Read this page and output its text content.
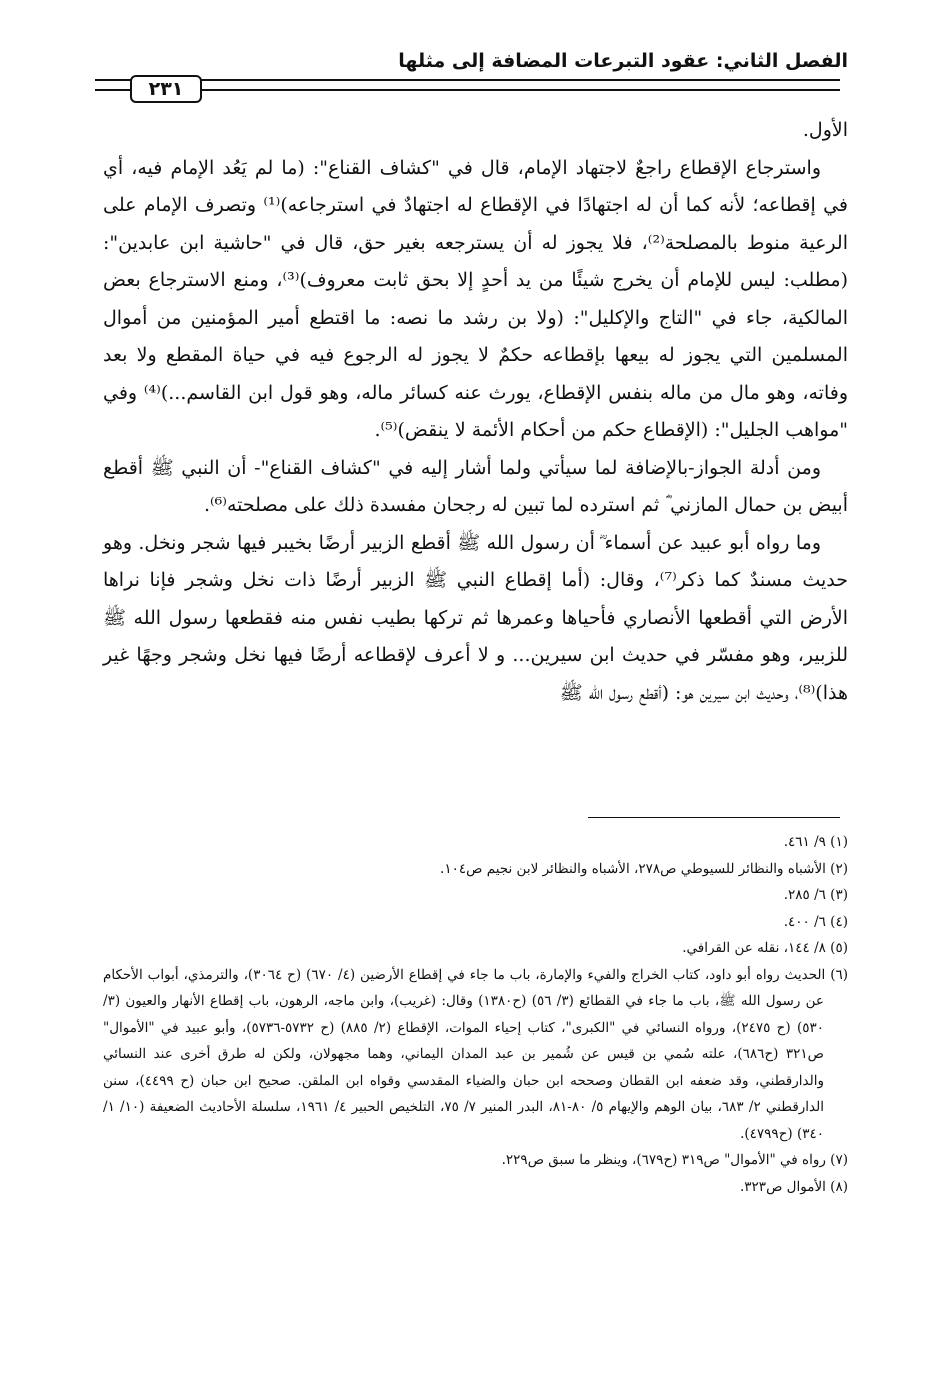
الفصل الثاني: عقود التبرعات المضافة إلى مثلها
٢٣١

الأول.

واسترجاع الإقطاع راجعٌ لاجتهاد الإمام، قال في "كشاف القناع": (ما لم يَعُد الإمام فيه، أي في إقطاعه؛ لأنه كما أن له اجتهادًا في الإقطاع له اجتهادٌ في استرجاعه)⁽¹⁾ وتصرف الإمام على الرعية منوط بالمصلحة⁽²⁾، فلا يجوز له أن يسترجعه بغير حق، قال في "حاشية ابن عابدين": (مطلب: ليس للإمام أن يخرج شيئًا من يد أحدٍ إلا بحق ثابت معروف)⁽³⁾، ومنع الاسترجاع بعض المالكية، جاء في "التاج والإكليل": (ولا بن رشد ما نصه: ما اقتطع أمير المؤمنين من أموال المسلمين التي يجوز له بيعها بإقطاعه حكمٌ لا يجوز له الرجوع فيه في حياة المقطع ولا بعد وفاته، وهو مال من ماله بنفس الإقطاع، يورث عنه كسائر ماله، وهو قول ابن القاسم...)⁽⁴⁾ وفي "مواهب الجليل": (الإقطاع حكم من أحكام الأئمة لا ينقض)⁽⁵⁾.

ومن أدلة الجواز-بالإضافة لما سيأتي ولما أشار إليه في "كشاف القناع"- أن النبي ﷺ أقطع أبيض بن حمال المازني ؓ ثم استرده لما تبين له رجحان مفسدة ذلك على مصلحته⁽⁶⁾.

وما رواه أبو عبيد عن أسماء ؓ أن رسول الله ﷺ أقطع الزبير أرضًا بخيبر فيها شجر ونخل. وهو حديث مسندٌ كما ذكر⁽⁷⁾، وقال: (أما إقطاع النبي ﷺ الزبير أرضًا ذات نخل وشجر فإنا نراها الأرض التي أقطعها الأنصاري فأحياها وعمرها ثم تركها بطيب نفس منه فقطعها رسول الله ﷺ للزبير، وهو مفسّر في حديث ابن سيرين... و لا أعرف لإقطاعه أرضًا فيها نخل وشجر وجهًا غير هذا)⁽⁸⁾، وحديث ابن سيرين هو: (أقطع رسول الله ﷺ

(١) ٩/ ٤٦١.

(٢) الأشباه والنظائر للسيوطي ص٢٧٨، الأشباه والنظائر لابن نجيم ص١٠٤.

(٣) ٦/ ٢٨٥.

(٤) ٦/ ٤٠٠.

(٥) ٨/ ١٤٤، نقله عن القرافي.

(٦) الحديث رواه أبو داود، كتاب الخراج والفيء والإمارة، باب ما جاء في إقطاع الأرضين (٤/ ٦٧٠) (ح ٣٠٦٤)، والترمذي، أبواب الأحكام عن رسول الله ﷺ، باب ما جاء في القطائع (٣/ ٥٦) (ح١٣٨٠) وقال: (غريب)، وابن ماجه، الرهون، باب إقطاع الأنهار والعيون (٣/ ٥٣٠) (ح ٢٤٧٥)، ورواه النسائي في "الكبرى"، كتاب إحياء الموات، الإقطاع (٢/ ٨٨٥) (ح ٥٧٣٢-٥٧٣٦)، وأبو عبيد في "الأموال" ص٣٢١ (ح٦٨٦)، علته سُمي بن قيس عن شُمير بن عبد المدان اليماني، وهما مجهولان، ولكن له طرق أخرى عند النسائي والدارقطني، وقد ضعفه ابن القطان وصححه ابن حبان والضياء المقدسي وقواه ابن الملقن. صحيح ابن حبان (ح ٤٤٩٩)، سنن الدارقطني ٢/ ٦٨٣، بيان الوهم والإيهام ٥/ ٨٠-٨١، البدر المنير ٧/ ٧٥، التلخيص الحبير ٤/ ١٩٦١، سلسلة الأحاديث الضعيفة (١٠/ ١/ ٣٤٠) (ح٤٧٩٩).

(٧) رواه في "الأموال" ص٣١٩ (ح٦٧٩)، وينظر ما سبق ص٢٢٩.

(٨) الأموال ص٣٢٣.
